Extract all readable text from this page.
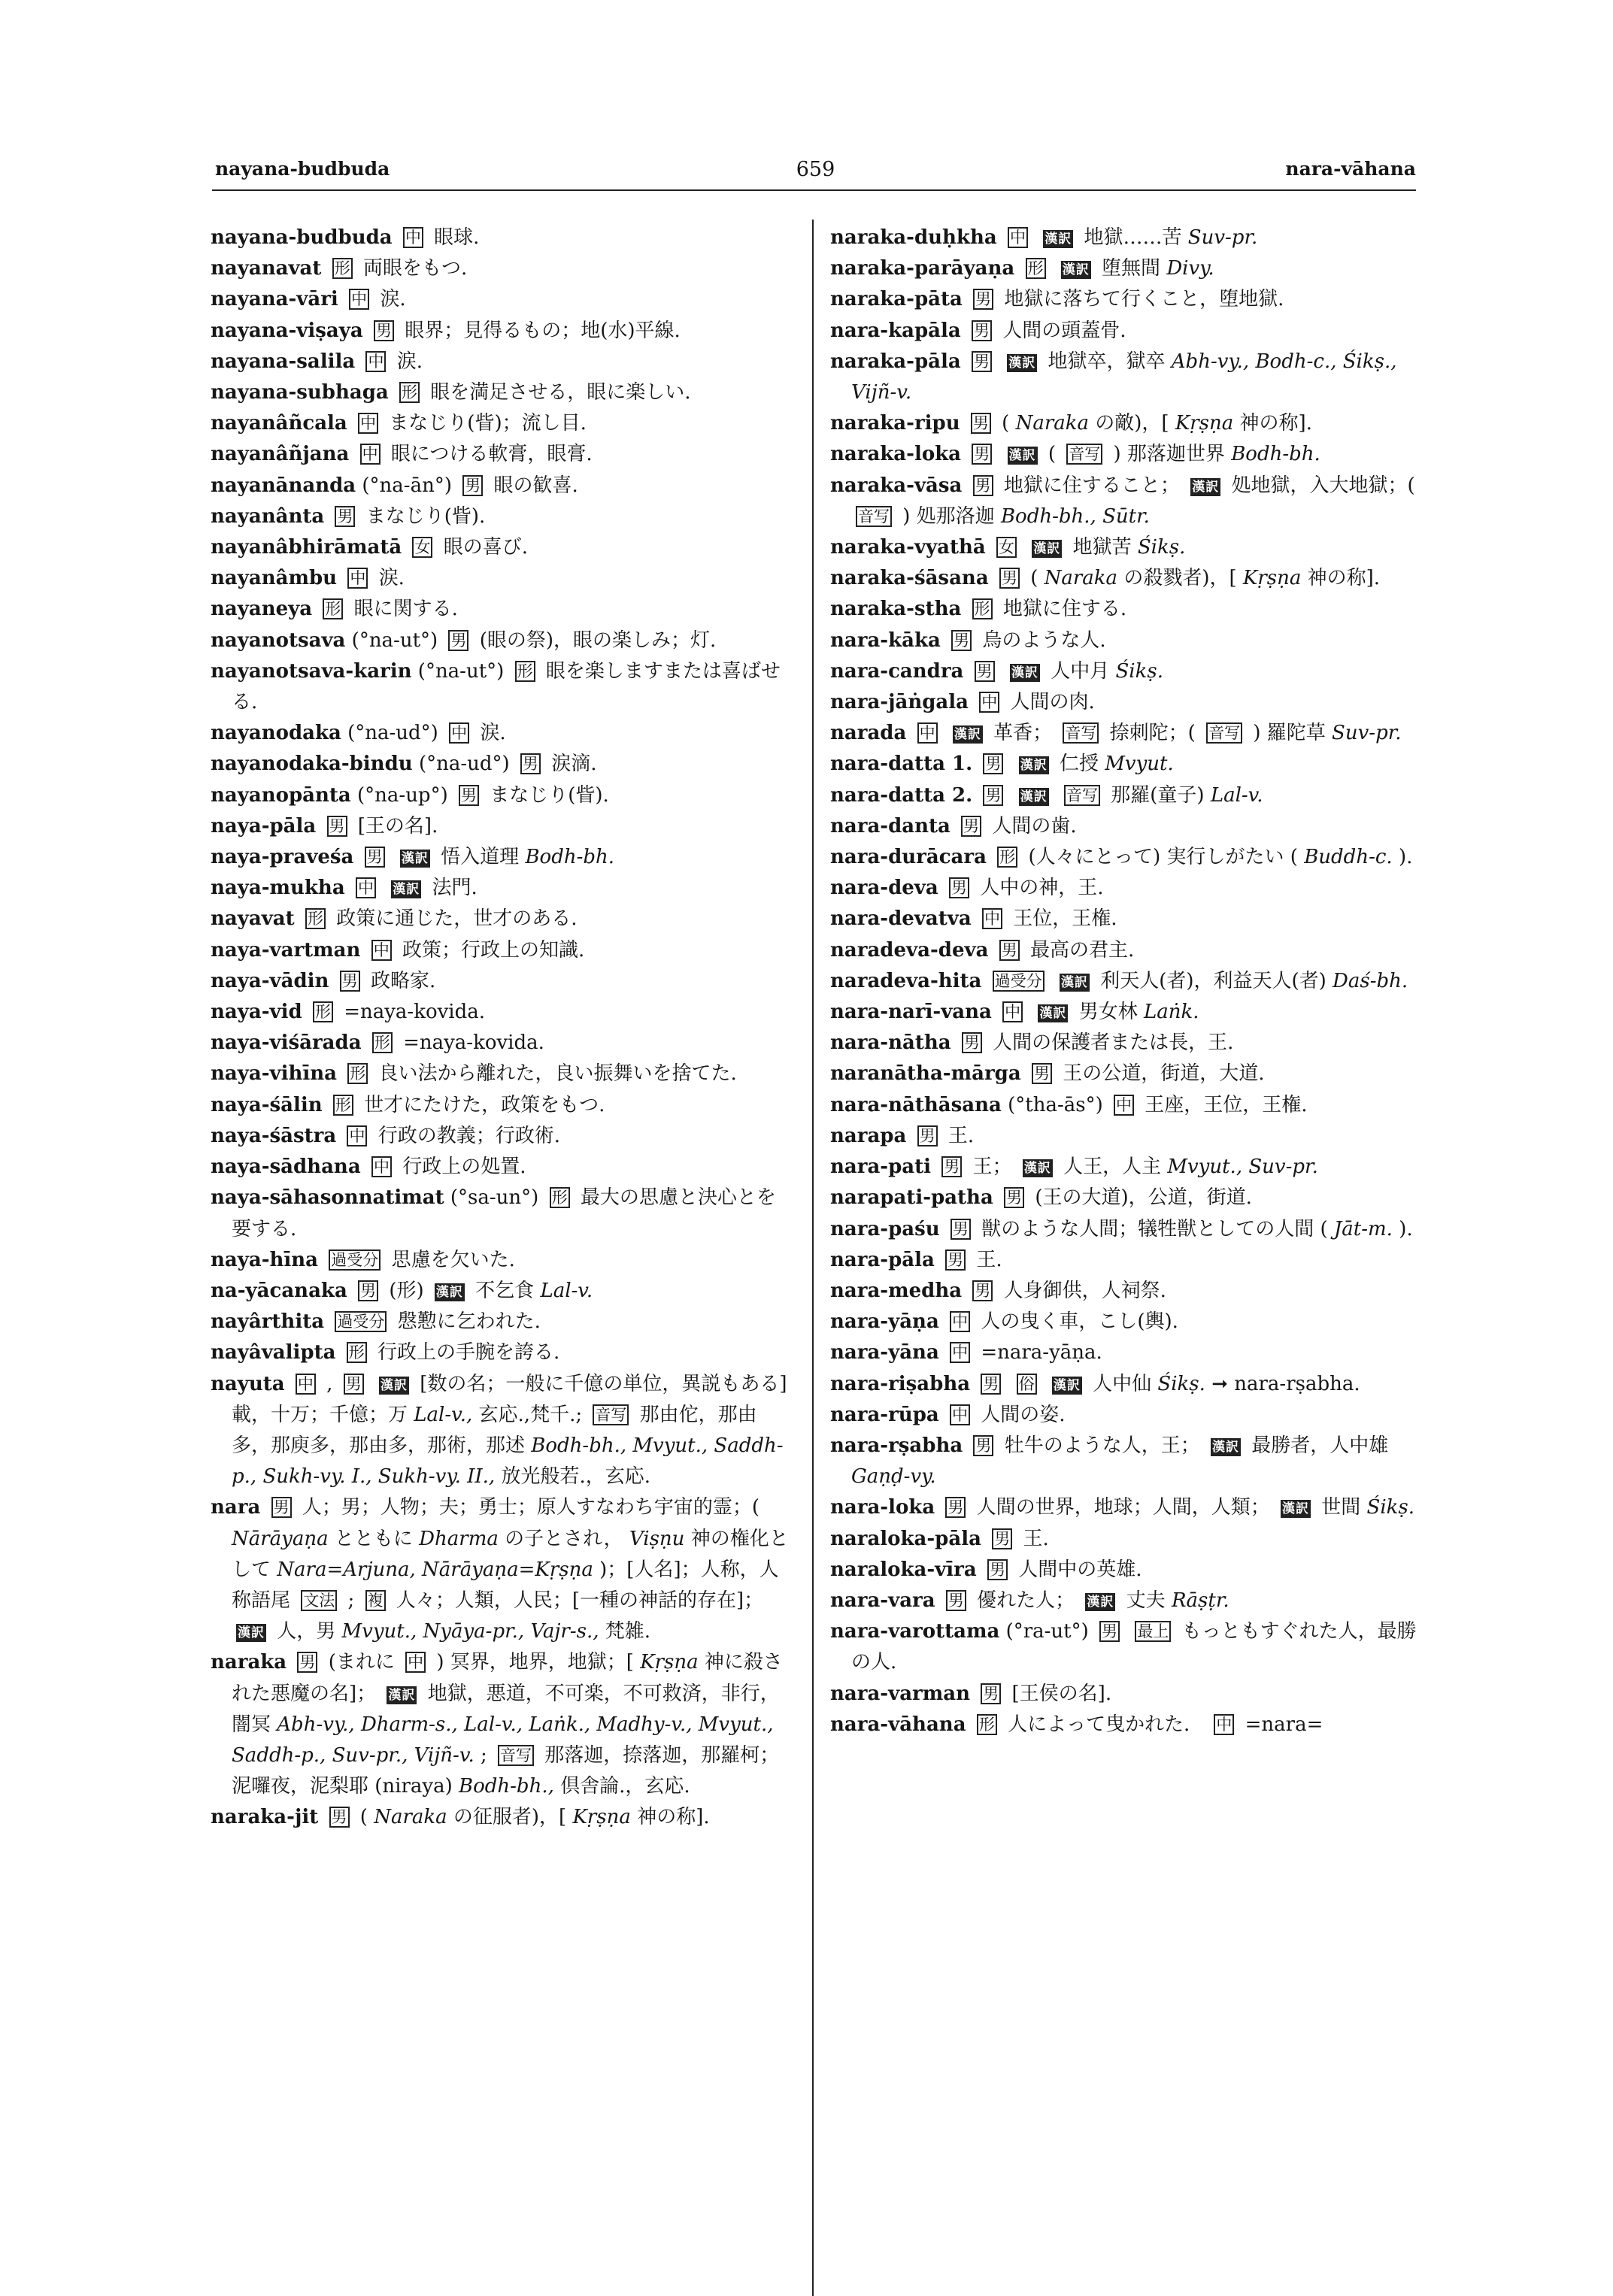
nayana-budbuda	659	nara-vāhana
nayana-budbuda 中 眼球.
nayanavat 形 両眼をもつ.
nayana-vāri 中 涙.
nayana-viṣaya 男 眼界；見得るもの；地(水)平線.
nayana-salila 中 涙.
nayana-subhaga 形 眼を満足させる，眼に楽しい.
nayanâñcala 中 まなじり(眥)；流し目.
nayanâñjana 中 眼につける軟膏，眼膏.
nayanānanda (°na-ān°) 男 眼の歓喜.
nayanânta 男 まなじり(眥).
nayanâbhirāmatā 女 眼の喜び.
nayanâmbu 中 涙.
nayaneya 形 眼に関する.
nayanotsava (°na-ut°) 男 (眼の祭)，眼の楽しみ；灯.
nayanotsava-karin (°na-ut°) 形 眼を楽しますまたは喜ばせる.
nayanodaka (°na-ud°) 中 涙.
nayanodaka-bindu (°na-ud°) 男 涙滴.
nayanopānta (°na-up°) 男 まなじり(眥).
naya-pāla 男 [王の名].
naya-praveśa 男 漢訳 悟入道理 Bodh-bh.
naya-mukha 中 漢訳 法門.
nayavat 形 政策に通じた，世才のある.
naya-vartman 中 政策；行政上の知識.
naya-vādin 男 政略家.
naya-vid 形 =naya-kovida.
naya-viśārada 形 =naya-kovida.
naya-vihīna 形 良い法から離れた，良い振舞いを捨てた.
naya-śālin 形 世才にたけた，政策をもつ.
naya-śāstra 中 行政の教義；行政術.
naya-sādhana 中 行政上の処置.
naya-sāhasonnatimat (°sa-un°) 形 最大の思慮と決心とを要する.
naya-hīna 過受分 思慮を欠いた.
na-yācanaka 男 (形) 漢訳 不乞食 Lal-v.
nayârthita 過受分 慇懃に乞われた.
nayâvalipta 形 行政上の手腕を誇る.
nayuta 中 , 男 漢訳 [数の名；一般に千億の単位，異説もある] 載，十万；千億；万 Lal-v., 玄応.,梵千.; 音写 那由佗，那由多，那庾多，那由多，那術，那述 Bodh-bh., Mvyut., Saddh-p., Sukh-vy. I., Sukh-vy. II., 放光般若.，玄応.
nara 男 人；男；人物；夫；勇士；原人すなわち宇宙的霊；( Nārāyaṇa とともに Dharma の子とされ， Viṣṇu 神の権化として Nara=Arjuna, Nārāyaṇa=Kṛṣṇa )；[人名]；人称，人称語尾 文法 ; 複 人々；人類，人民；[一種の神話的存在]； 漢訳 人，男 Mvyut., Nyāya-pr., Vajr-s., 梵雑.
naraka 男 (まれに 中 ) 冥界，地界，地獄；[ Kṛṣṇa 神に殺された悪魔の名]； 漢訳 地獄，悪道，不可楽，不可救済，非行，闇冥 Abh-vy., Dharm-s., Lal-v., Laṅk., Madhy-v., Mvyut., Saddh-p., Suv-pr., Vijñ-v. ; 音写 那落迦，捺落迦，那羅柯；泥囉夜，泥梨耶 (niraya) Bodh-bh., 倶舎論.，玄応.
naraka-jit 男 ( Naraka の征服者)，[ Kṛṣṇa 神の称].
naraka-duḥkha 中 漢訳 地獄……苦 Suv-pr.
naraka-parāyaṇa 形 漢訳 堕無間 Divy.
naraka-pāta 男 地獄に落ちて行くこと，堕地獄.
nara-kapāla 男 人間の頭蓋骨.
naraka-pāla 男 漢訳 地獄卒，獄卒 Abh-vy., Bodh-c., Śikṣ., Vijñ-v.
naraka-ripu 男 ( Naraka の敵)，[ Kṛṣṇa 神の称].
naraka-loka 男 漢訳 ( 音写 ) 那落迦世界 Bodh-bh.
naraka-vāsa 男 地獄に住すること； 漢訳 処地獄，入大地獄；( 音写 ) 処那洛迦 Bodh-bh., Sūtr.
naraka-vyathā 女 漢訳 地獄苦 Śikṣ.
naraka-śāsana 男 ( Naraka の殺戮者)，[ Kṛṣṇa 神の称].
naraka-stha 形 地獄に住する.
nara-kāka 男 烏のような人.
nara-candra 男 漢訳 人中月 Śikṣ.
nara-jāṅgala 中 人間の肉.
narada 中 漢訳 革香； 音写 捺刺陀；( 音写 ) 羅陀草 Suv-pr.
nara-datta 1. 男 漢訳 仁授 Mvyut.
nara-datta 2. 男 漢訳 音写 那羅(童子) Lal-v.
nara-danta 男 人間の歯.
nara-durācara 形 (人々にとって) 実行しがたい ( Buddh-c. ).
nara-deva 男 人中の神，王.
nara-devatva 中 王位，王権.
naradeva-deva 男 最高の君主.
naradeva-hita 過受分 漢訳 利天人(者)，利益天人(者) Daś-bh.
nara-narī-vana 中 漢訳 男女林 Laṅk.
nara-nātha 男 人間の保護者または長，王.
naranātha-mārga 男 王の公道，街道，大道.
nara-nāthāsana (°tha-ās°) 中 王座，王位，王権.
narapa 男 王.
nara-pati 男 王； 漢訳 人王，人主 Mvyut., Suv-pr.
narapati-patha 男 (王の大道)，公道，街道.
nara-paśu 男 獣のような人間；犠牲獣としての人間 ( Jāt-m. ).
nara-pāla 男 王.
nara-medha 男 人身御供，人祠祭.
nara-yāṇa 中 人の曳く車，こし(輿).
nara-yāna 中 =nara-yāṇa.
nara-riṣabha 男 俗 漢訳 人中仙 Śikṣ. ➞ nara-rṣabha.
nara-rūpa 中 人間の姿.
nara-rṣabha 男 牡牛のような人，王； 漢訳 最勝者，人中雄 Gaṇḍ-vy.
nara-loka 男 人間の世界，地球；人間，人類； 漢訳 世間 Śikṣ.
naraloka-pāla 男 王.
naraloka-vīra 男 人間中の英雄.
nara-vara 男 優れた人； 漢訳 丈夫 Rāṣṭr.
nara-varottama (°ra-ut°) 男 最上 もっともすぐれた人，最勝の人.
nara-varman 男 [王侯の名].
nara-vāhana 形 人によって曳かれた． 中 =nara=
